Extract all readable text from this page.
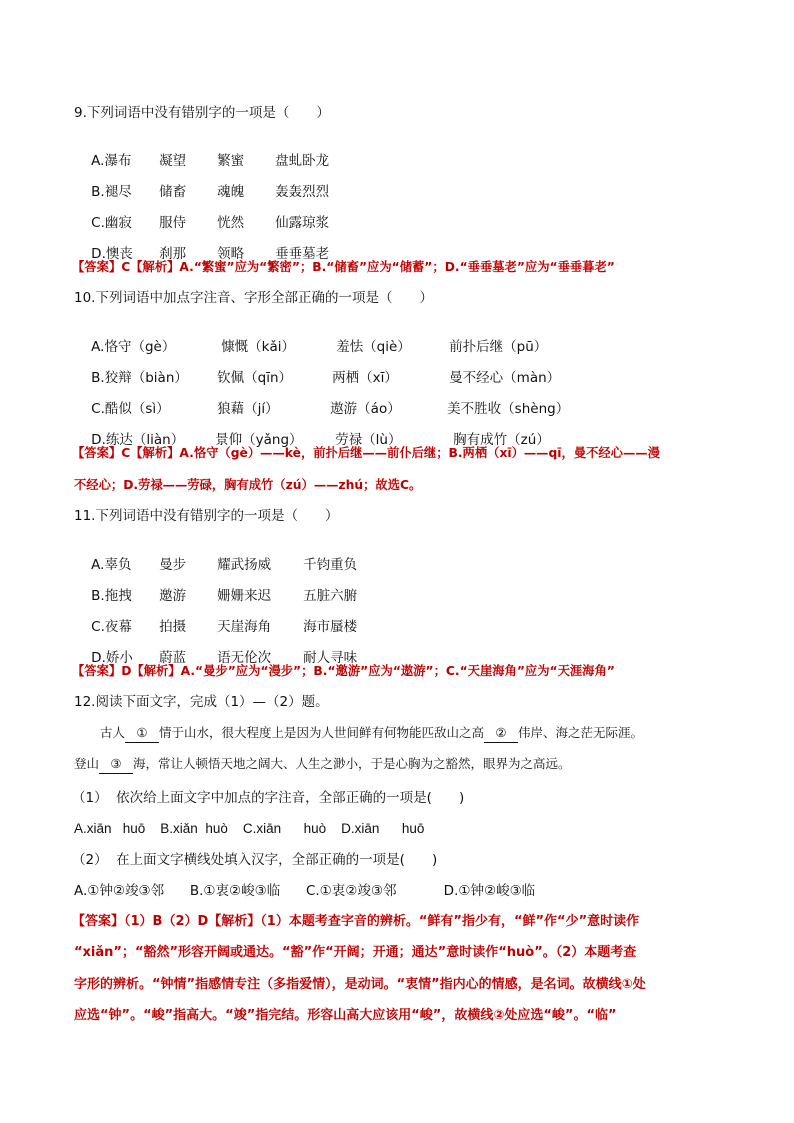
9.下列词语中没有错别字的一项是（　　）

A.瀑布 凝望 繁蜜 盘虬卧龙

B.褪尽 储畜 魂魄 轰轰烈烈

C.幽寂 服侍 恍然 仙露琼浆

D.懊丧 刹那 领略 垂垂墓老

【答案】C【解析】A.“繁蜜”应为“繁密”；B.“储畜”应为“储蓄”；D.“垂垂墓老”应为“垂垂暮老”
10.下列词语中加点字注音、字形全部正确的一项是（　　）

A.恪守（gè）	慷慨（kǎi）	羞怯（qiè）	前扑后继（pū）

B.狡辩（biàn） 钦佩（qīn）	两栖（xī）	曼不经心（màn）

C.酷似（sì）	狼藉（jí）	遨游（áo）	美不胜收（shèng）

D.练达（liàn） 景仰（yǎng） 劳禄（lù）	胸有成竹（zú）

【答案】C【解析】A.恪守（gè）——kè，前扑后继——前仆后继；B.两栖（xī）——qī，曼不经心——漫
不经心；D.劳禄——劳碌，胸有成竹（zú）——zhú；故选C。
11.下列词语中没有错别字的一项是（　　）

A.辜负 曼步 耀武扬威 千钧重负

B.拖拽 邀游 姗姗来迟 五脏六腑

C.夜幕 拍摄 天崖海角 海市蜃楼

D.娇小 蔚蓝 语无伦次 耐人寻味

【答案】D【解析】A.“曼步”应为“漫步”；B.“邀游”应为“遨游”；C.“天崖海角”应为“天涯海角”
12.阅读下面文字，完成（1）—（2）题。
古人 ① 情于山水，很大程度上是因为人世间鲜有何物能匹敌山之高 ② 伟岸、海之茫无际涯。
登山 ③ 海，常让人顿悟天地之阔大、人生之渺小，于是心胸为之豁然，眼界为之高远。
（1）  依次给上面文字中加点的字注音，全部正确的一项是(　　)
A.xiān   huō    B.xiǎn  huò    C.xiān      huò    D.xiān      huō
（2）  在上面文字横线处填入汉字，全部正确的一项是(　　)
A.①钟②竣③邻      B.①衷②峻③临      C.①衷②竣③邻           D.①钟②峻③临
【答案】（1）B（2）D【解析】（1）本题考查字音的辨析。“鲜有”指少有，“鲜”作“少”意时读作
“xiǎn”；“豁然”形容开阔或通达。“豁”作“开阔；开通；通达”意时读作“huò”。（2）本题考查
字形的辨析。“钟情”指感情专注（多指爱情），是动词。“衷情”指内心的情感，是名词。故横线①处
应选“钟”。“峻”指高大。“竣”指完结。形容山高大应该用“峻”，故横线②处应选“峻”。“临”
